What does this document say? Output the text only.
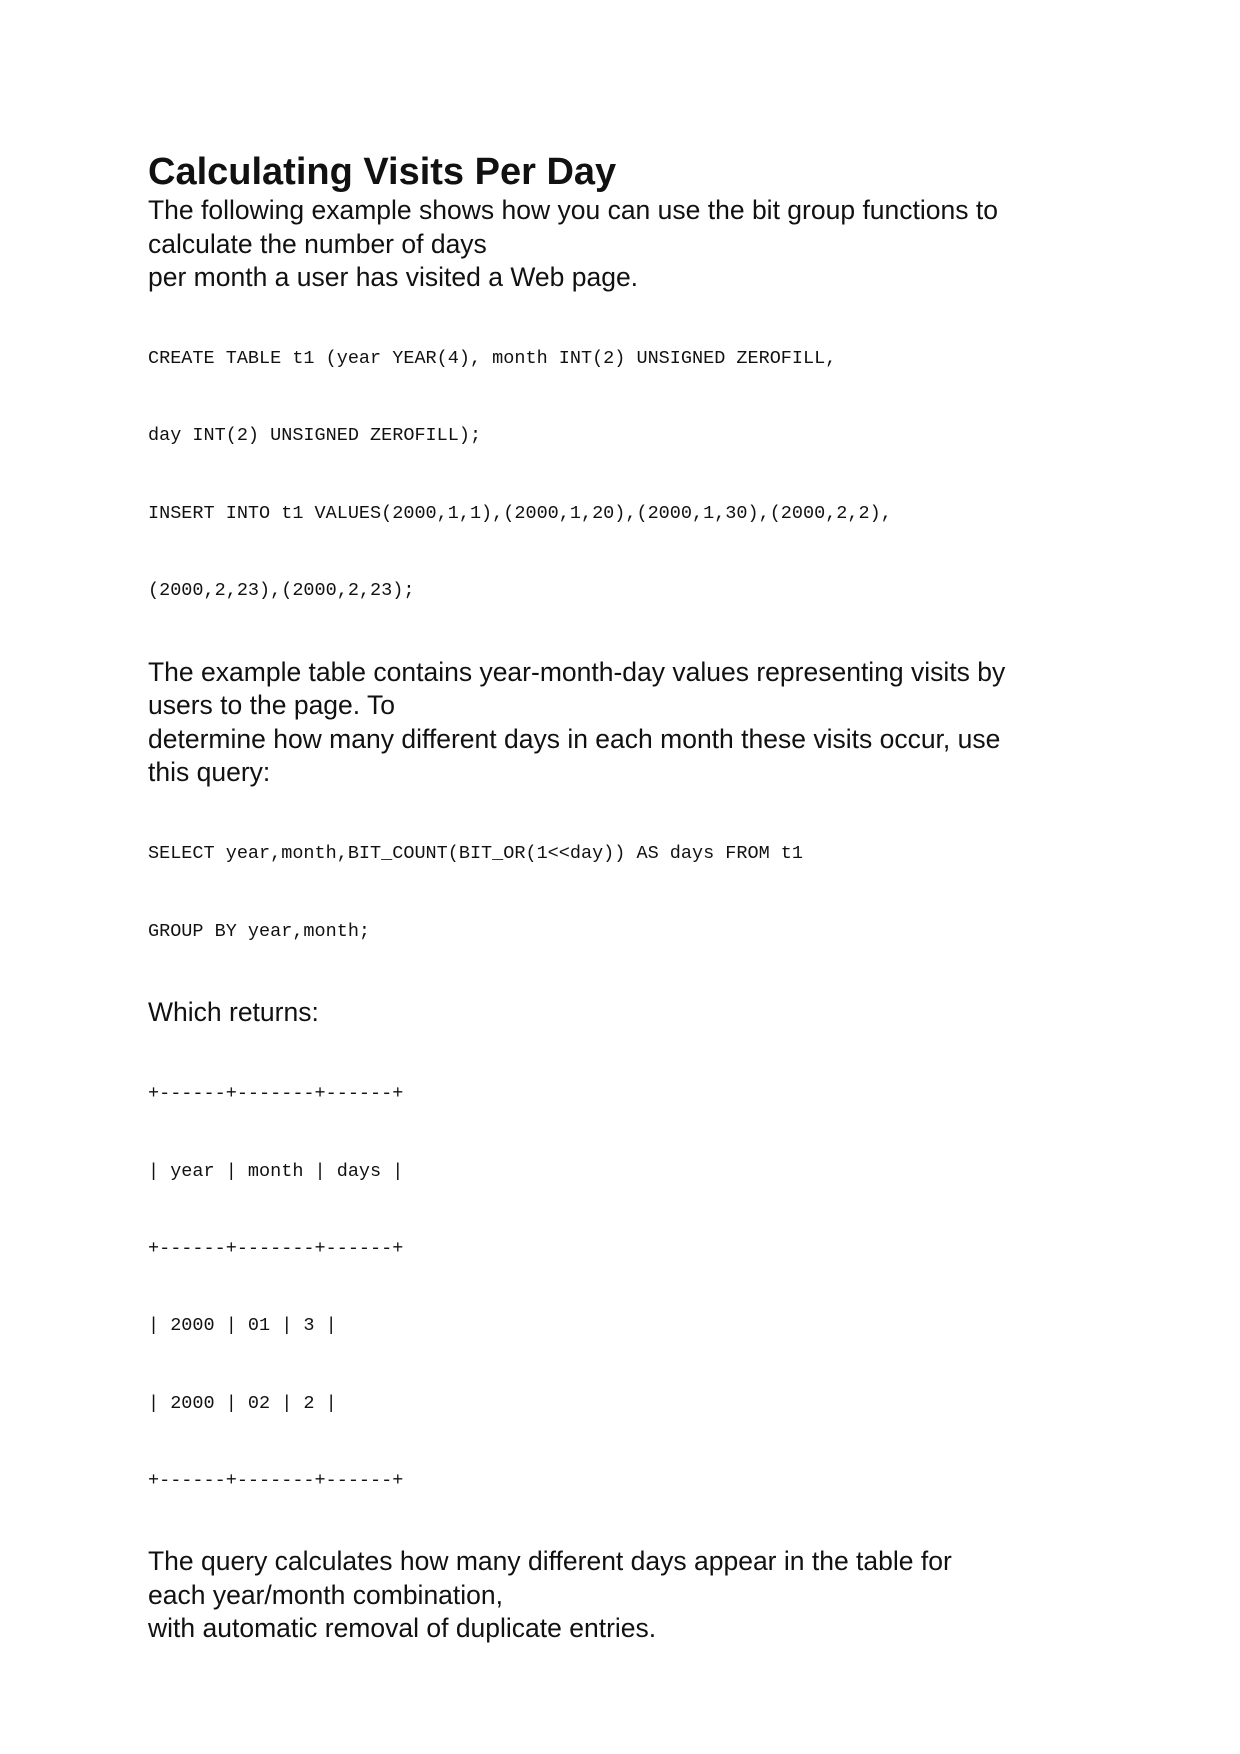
Calculating Visits Per Day
The following example shows how you can use the bit group functions to
calculate the number of days
per month a user has visited a Web page.

CREATE TABLE t1 (year YEAR(4), month INT(2) UNSIGNED ZEROFILL,

day INT(2) UNSIGNED ZEROFILL);

INSERT INTO t1 VALUES(2000,1,1),(2000,1,20),(2000,1,30),(2000,2,2),

(2000,2,23),(2000,2,23);

The example table contains year-month-day values representing visits by
users to the page. To
determine how many different days in each month these visits occur, use
this query:

SELECT year,month,BIT_COUNT(BIT_OR(1<<day)) AS days FROM t1

GROUP BY year,month;

Which returns:

+------+-------+------+

| year | month | days |

+------+-------+------+

| 2000 | 01 | 3 |

| 2000 | 02 | 2 |

+------+-------+------+

The query calculates how many different days appear in the table for
each year/month combination,
with automatic removal of duplicate entries.
